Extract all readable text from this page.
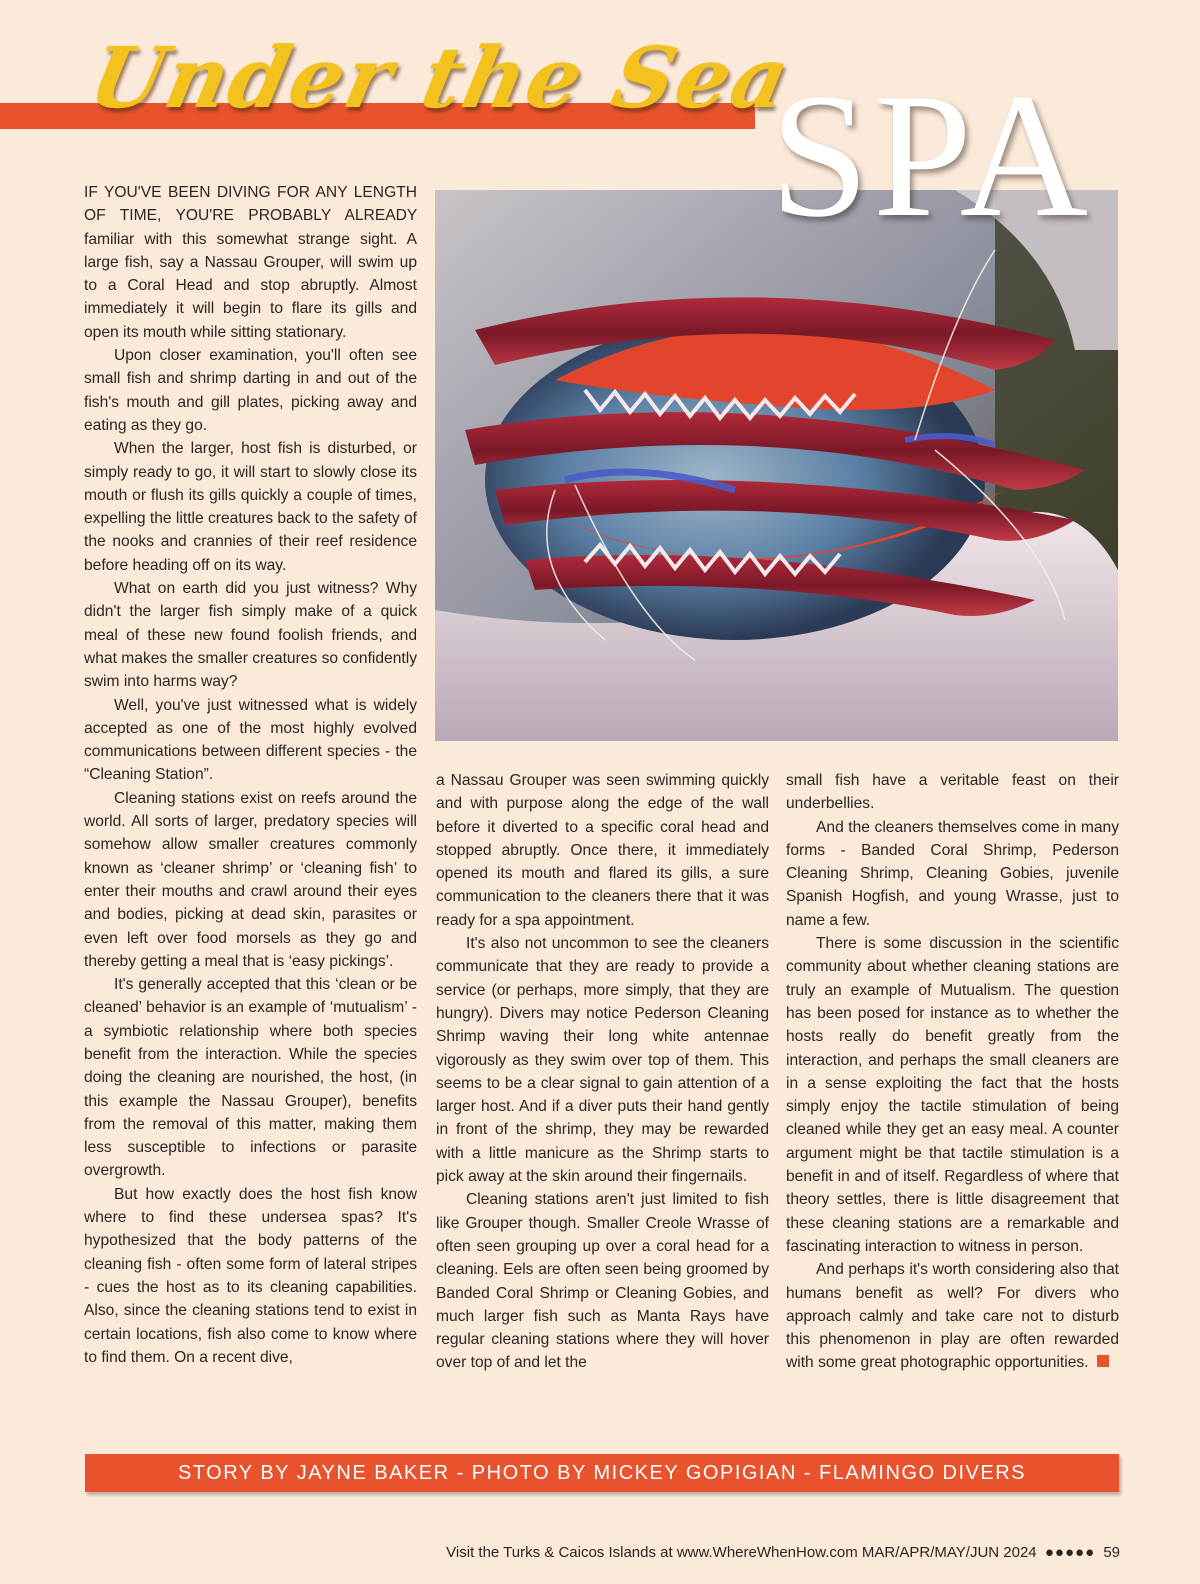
Under the Sea
SPA

IF YOU'VE BEEN DIVING FOR ANY LENGTH OF TIME, YOU'RE PROBABLY ALREADY familiar with this somewhat strange sight. A large fish, say a Nassau Grouper, will swim up to a Coral Head and stop abruptly. Almost immediately it will begin to flare its gills and open its mouth while sitting stationary.

Upon closer examination, you'll often see small fish and shrimp darting in and out of the fish's mouth and gill plates, picking away and eating as they go.

When the larger, host fish is disturbed, or simply ready to go, it will start to slowly close its mouth or flush its gills quickly a couple of times, expelling the little creatures back to the safety of the nooks and crannies of their reef residence before heading off on its way.

What on earth did you just witness? Why didn't the larger fish simply make of a quick meal of these new found foolish friends, and what makes the smaller creatures so confidently swim into harms way?

Well, you've just witnessed what is widely accepted as one of the most highly evolved communications between different species - the “Cleaning Station”.

Cleaning stations exist on reefs around the world. All sorts of larger, predatory species will somehow allow smaller creatures commonly known as ‘cleaner shrimp’ or ‘cleaning fish’ to enter their mouths and crawl around their eyes and bodies, picking at dead skin, parasites or even left over food morsels as they go and thereby getting a meal that is ‘easy pickings’.

It's generally accepted that this ‘clean or be cleaned’ behavior is an example of ‘mutualism’ - a symbiotic relationship where both species benefit from the interaction. While the species doing the cleaning are nourished, the host, (in this example the Nassau Grouper), benefits from the removal of this matter, making them less susceptible to infections or parasite overgrowth.

But how exactly does the host fish know where to find these undersea spas? It's hypothesized that the body patterns of the cleaning fish - often some form of lateral stripes - cues the host as to its cleaning capabilities. Also, since the cleaning stations tend to exist in certain locations, fish also come to know where to find them. On a recent dive,

a Nassau Grouper was seen swimming quickly and with purpose along the edge of the wall before it diverted to a specific coral head and stopped abruptly. Once there, it immediately opened its mouth and flared its gills, a sure communication to the cleaners there that it was ready for a spa appointment.

It's also not uncommon to see the cleaners communicate that they are ready to provide a service (or perhaps, more simply, that they are hungry). Divers may notice Pederson Cleaning Shrimp waving their long white antennae vigorously as they swim over top of them. This seems to be a clear signal to gain attention of a larger host. And if a diver puts their hand gently in front of the shrimp, they may be rewarded with a little manicure as the Shrimp starts to pick away at the skin around their fingernails.

Cleaning stations aren't just limited to fish like Grouper though. Smaller Creole Wrasse of often seen grouping up over a coral head for a cleaning. Eels are often seen being groomed by Banded Coral Shrimp or Cleaning Gobies, and much larger fish such as Manta Rays have regular cleaning stations where they will hover over top of and let the

small fish have a veritable feast on their underbellies.

And the cleaners themselves come in many forms - Banded Coral Shrimp, Pederson Cleaning Shrimp, Cleaning Gobies, juvenile Spanish Hogfish, and young Wrasse, just to name a few.

There is some discussion in the scientific community about whether cleaning stations are truly an example of Mutualism. The question has been posed for instance as to whether the hosts really do benefit greatly from the interaction, and perhaps the small cleaners are in a sense exploiting the fact that the hosts simply enjoy the tactile stimulation of being cleaned while they get an easy meal. A counter argument might be that tactile stimulation is a benefit in and of itself. Regardless of where that theory settles, there is little disagreement that these cleaning stations are a remarkable and fascinating interaction to witness in person.

And perhaps it's worth considering also that humans benefit as well? For divers who approach calmly and take care not to disturb this phenomenon in play are often rewarded with some great photographic opportunities.

STORY BY JAYNE BAKER - PHOTO BY MICKEY GOPIGIAN - FLAMINGO DIVERS
Visit the Turks & Caicos Islands at www.WhereWhenHow.com MAR/APR/MAY/JUN 2024 ●●●●● 59
